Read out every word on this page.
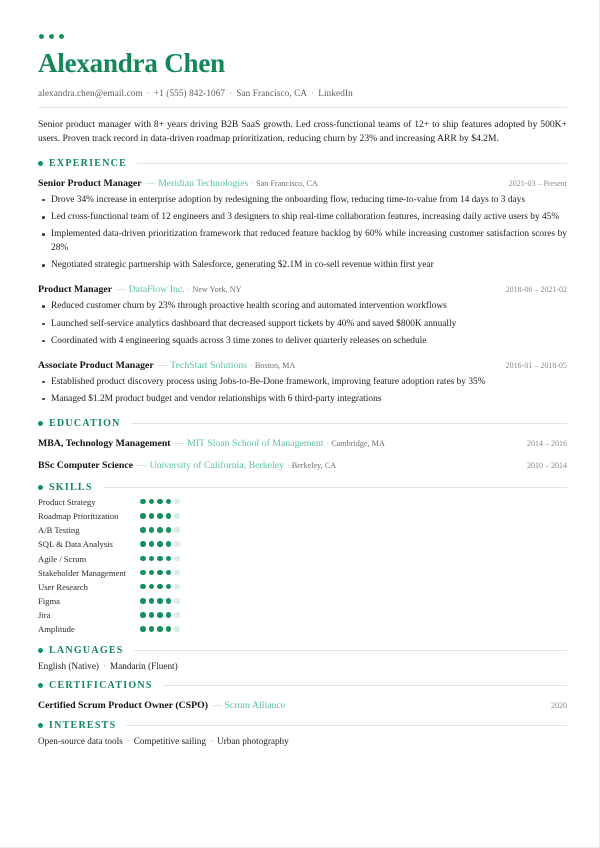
Alexandra Chen
alexandra.chen@email.com · +1 (555) 842-1067 · San Francisco, CA · LinkedIn

Senior product manager with 8+ years driving B2B SaaS growth. Led cross-functional teams of 12+ to ship features adopted by 500K+ users. Proven track record in data-driven roadmap prioritization, reducing churn by 23% and increasing ARR by $4.2M.

EXPERIENCE
Senior Product Manager — Meridian Technologies · San Francisco, CA	2021-03 – Present
Drove 34% increase in enterprise adoption by redesigning the onboarding flow, reducing time-to-value from 14 days to 3 days
Led cross-functional team of 12 engineers and 3 designers to ship real-time collaboration features, increasing daily active users by 45%
Implemented data-driven prioritization framework that reduced feature backlog by 60% while increasing customer satisfaction scores by 28%
Negotiated strategic partnership with Salesforce, generating $2.1M in co-sell revenue within first year
Product Manager — DataFlow Inc. · New York, NY	2018-06 – 2021-02
Reduced customer churn by 23% through proactive health scoring and automated intervention workflows
Launched self-service analytics dashboard that decreased support tickets by 40% and saved $800K annually
Coordinated with 4 engineering squads across 3 time zones to deliver quarterly releases on schedule
Associate Product Manager — TechStart Solutions · Boston, MA	2016-01 – 2018-05
Established product discovery process using Jobs-to-Be-Done framework, improving feature adoption rates by 35%
Managed $1.2M product budget and vendor relationships with 6 third-party integrations
EDUCATION
MBA, Technology Management — MIT Sloan School of Management · Cambridge, MA	2014 – 2016
BSc Computer Science — University of California, Berkeley · Berkeley, CA	2010 – 2014
SKILLS
Product Strategy
Roadmap Prioritization
A/B Testing
SQL & Data Analysis
Agile / Scrum
Stakeholder Management
User Research
Figma
Jira
Amplitude
LANGUAGES
English (Native) · Mandarin (Fluent)
CERTIFICATIONS
Certified Scrum Product Owner (CSPO) — Scrum Alliance	2020
INTERESTS
Open-source data tools · Competitive sailing · Urban photography
